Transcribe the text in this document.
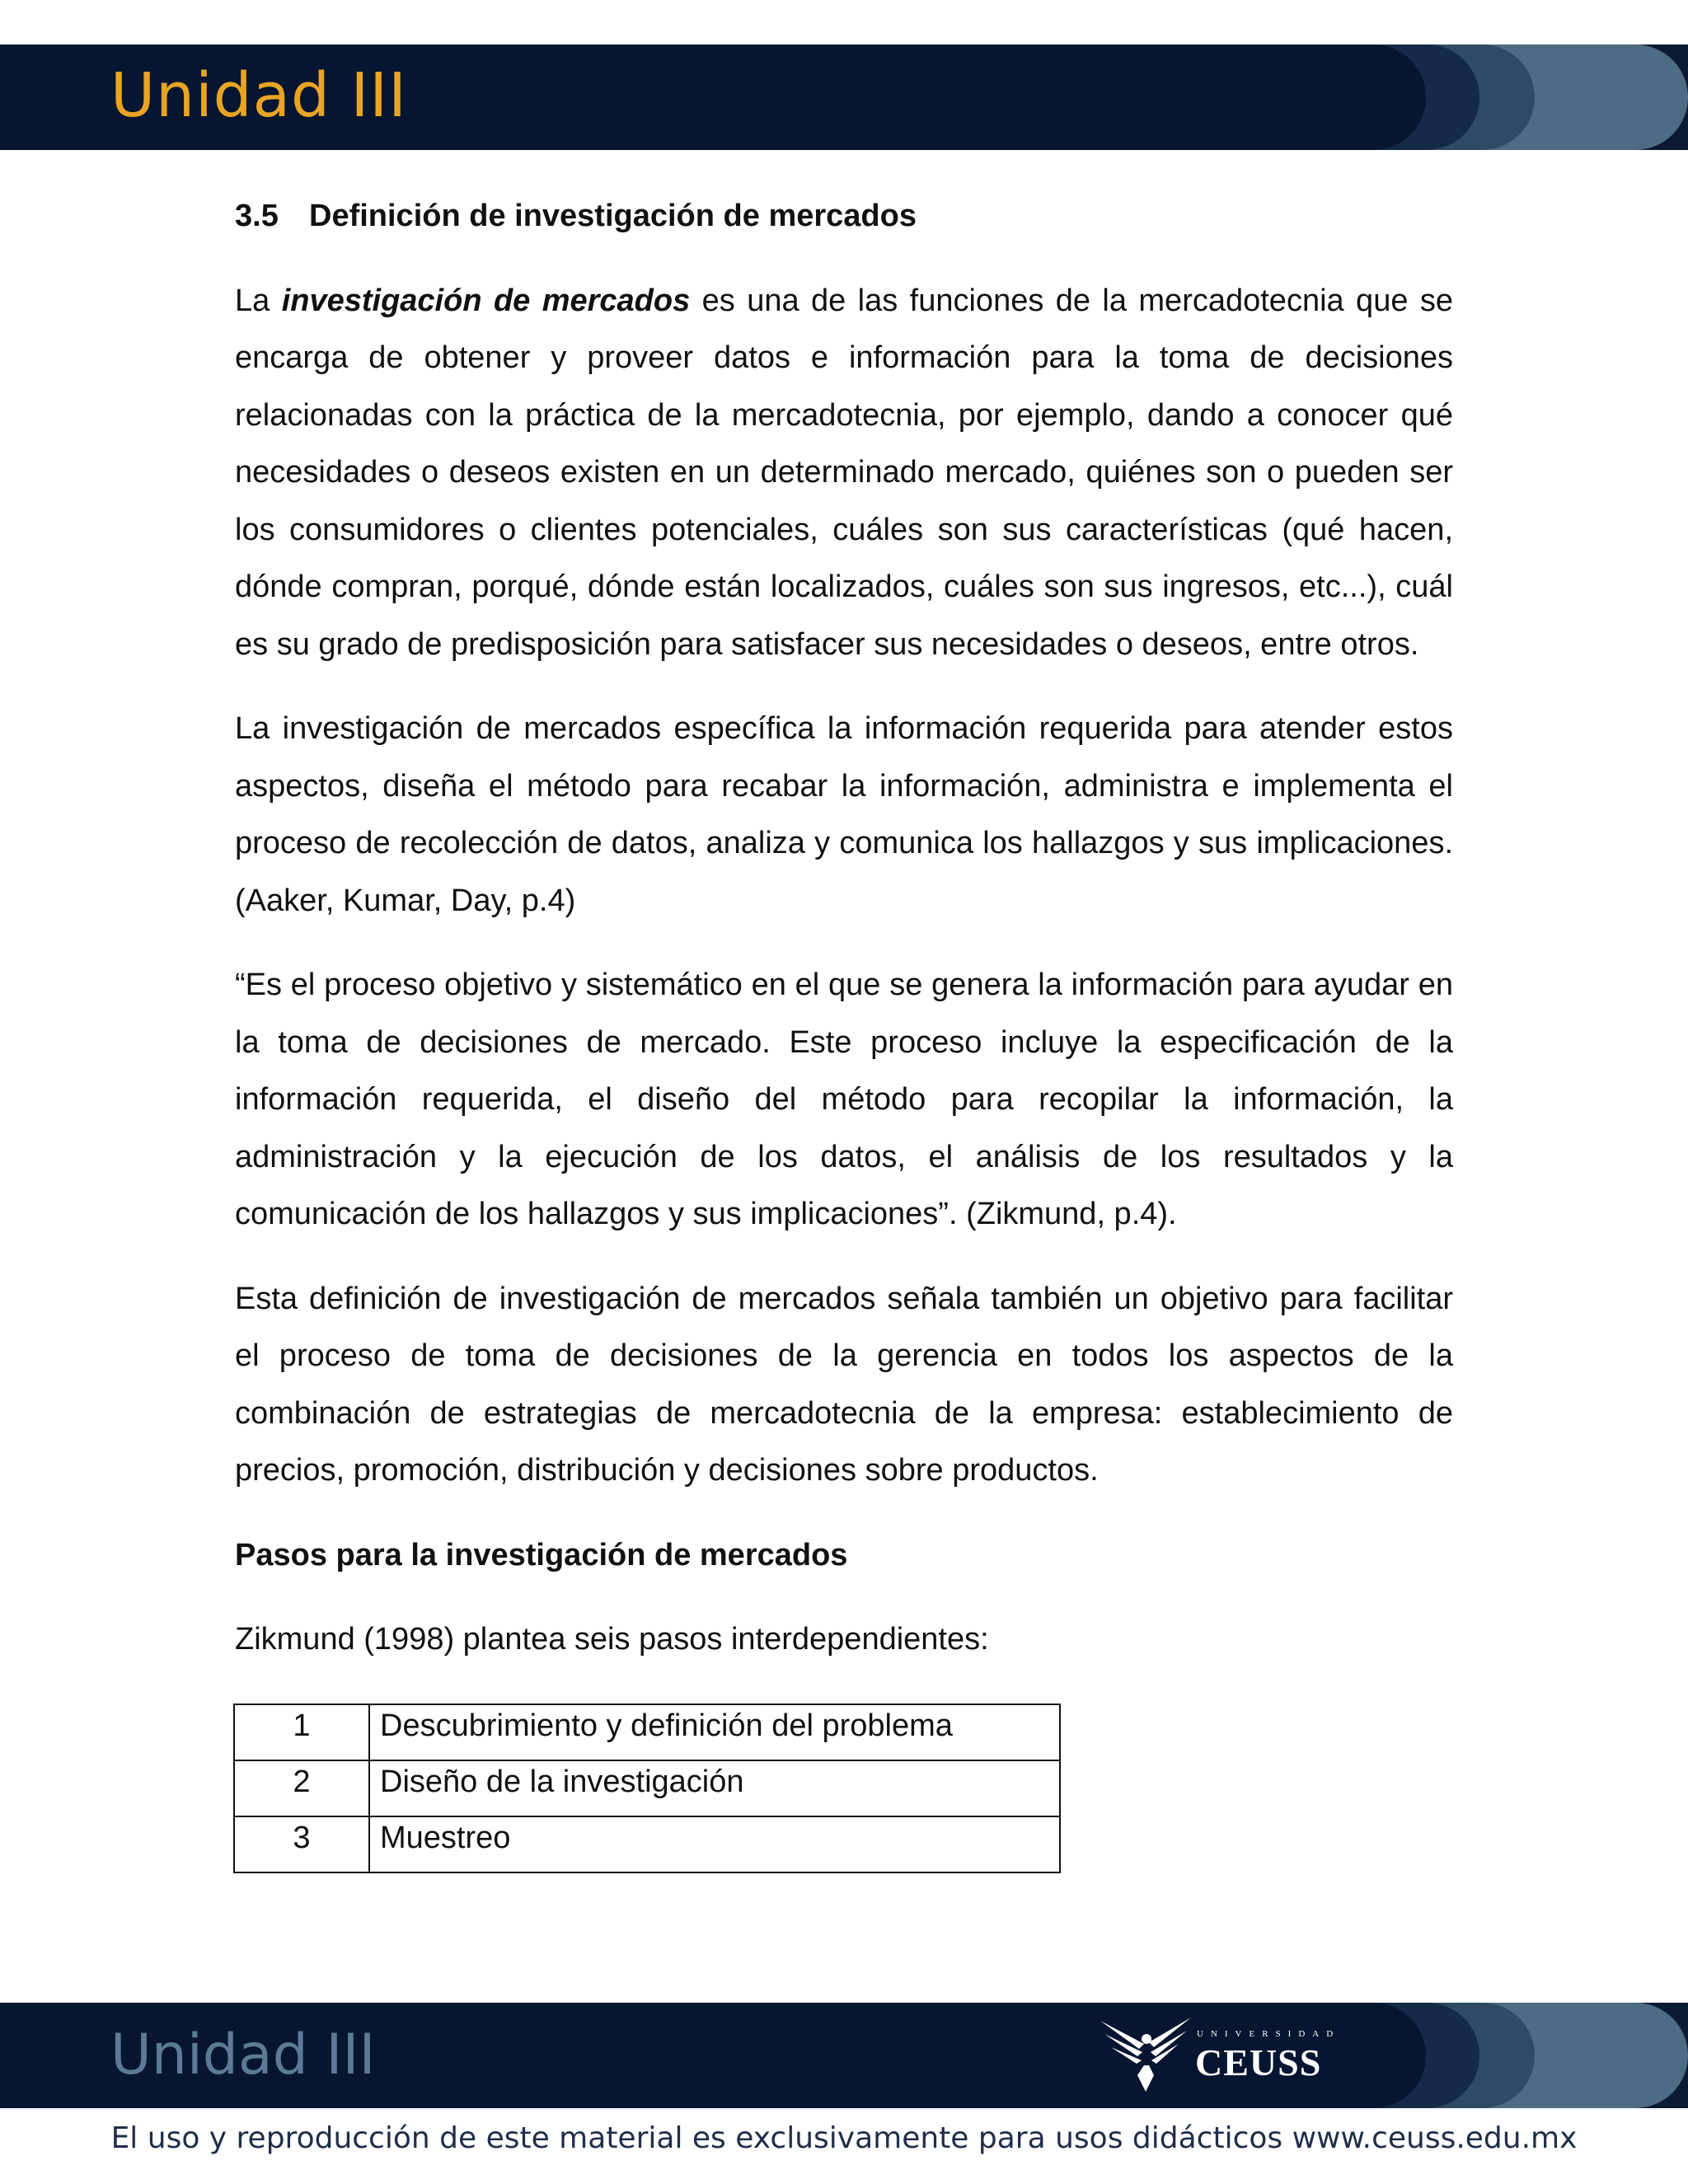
Unidad III
3.5 Definición de investigación de mercados

La investigación de mercados es una de las funciones de la mercadotecnia que se encarga de obtener y proveer datos e información para la toma de decisiones relacionadas con la práctica de la mercadotecnia, por ejemplo, dando a conocer qué necesidades o deseos existen en un determinado mercado, quiénes son o pueden ser los consumidores o clientes potenciales, cuáles son sus características (qué hacen, dónde compran, porqué, dónde están localizados, cuáles son sus ingresos, etc...), cuál es su grado de predisposición para satisfacer sus necesidades o deseos, entre otros.

La investigación de mercados específica la información requerida para atender estos aspectos, diseña el método para recabar la información, administra e implementa el proceso de recolección de datos, analiza y comunica los hallazgos y sus implicaciones. (Aaker, Kumar, Day, p.4)

“Es el proceso objetivo y sistemático en el que se genera la información para ayudar en la toma de decisiones de mercado. Este proceso incluye la especificación de la información requerida, el diseño del método para recopilar la información, la administración y la ejecución de los datos, el análisis de los resultados y la comunicación de los hallazgos y sus implicaciones”. (Zikmund, p.4).

Esta definición de investigación de mercados señala también un objetivo para facilitar el proceso de toma de decisiones de la gerencia en todos los aspectos de la combinación de estrategias de mercadotecnia de la empresa: establecimiento de precios, promoción, distribución y decisiones sobre productos.

Pasos para la investigación de mercados
Zikmund (1998) plantea seis pasos interdependientes:
1	Descubrimiento y definición del problema
2	Diseño de la investigación
3	Muestreo
Unidad III	UNIVERSIDAD
CEUSS
El uso y reproducción de este material es exclusivamente para usos didácticos www.ceuss.edu.mx
